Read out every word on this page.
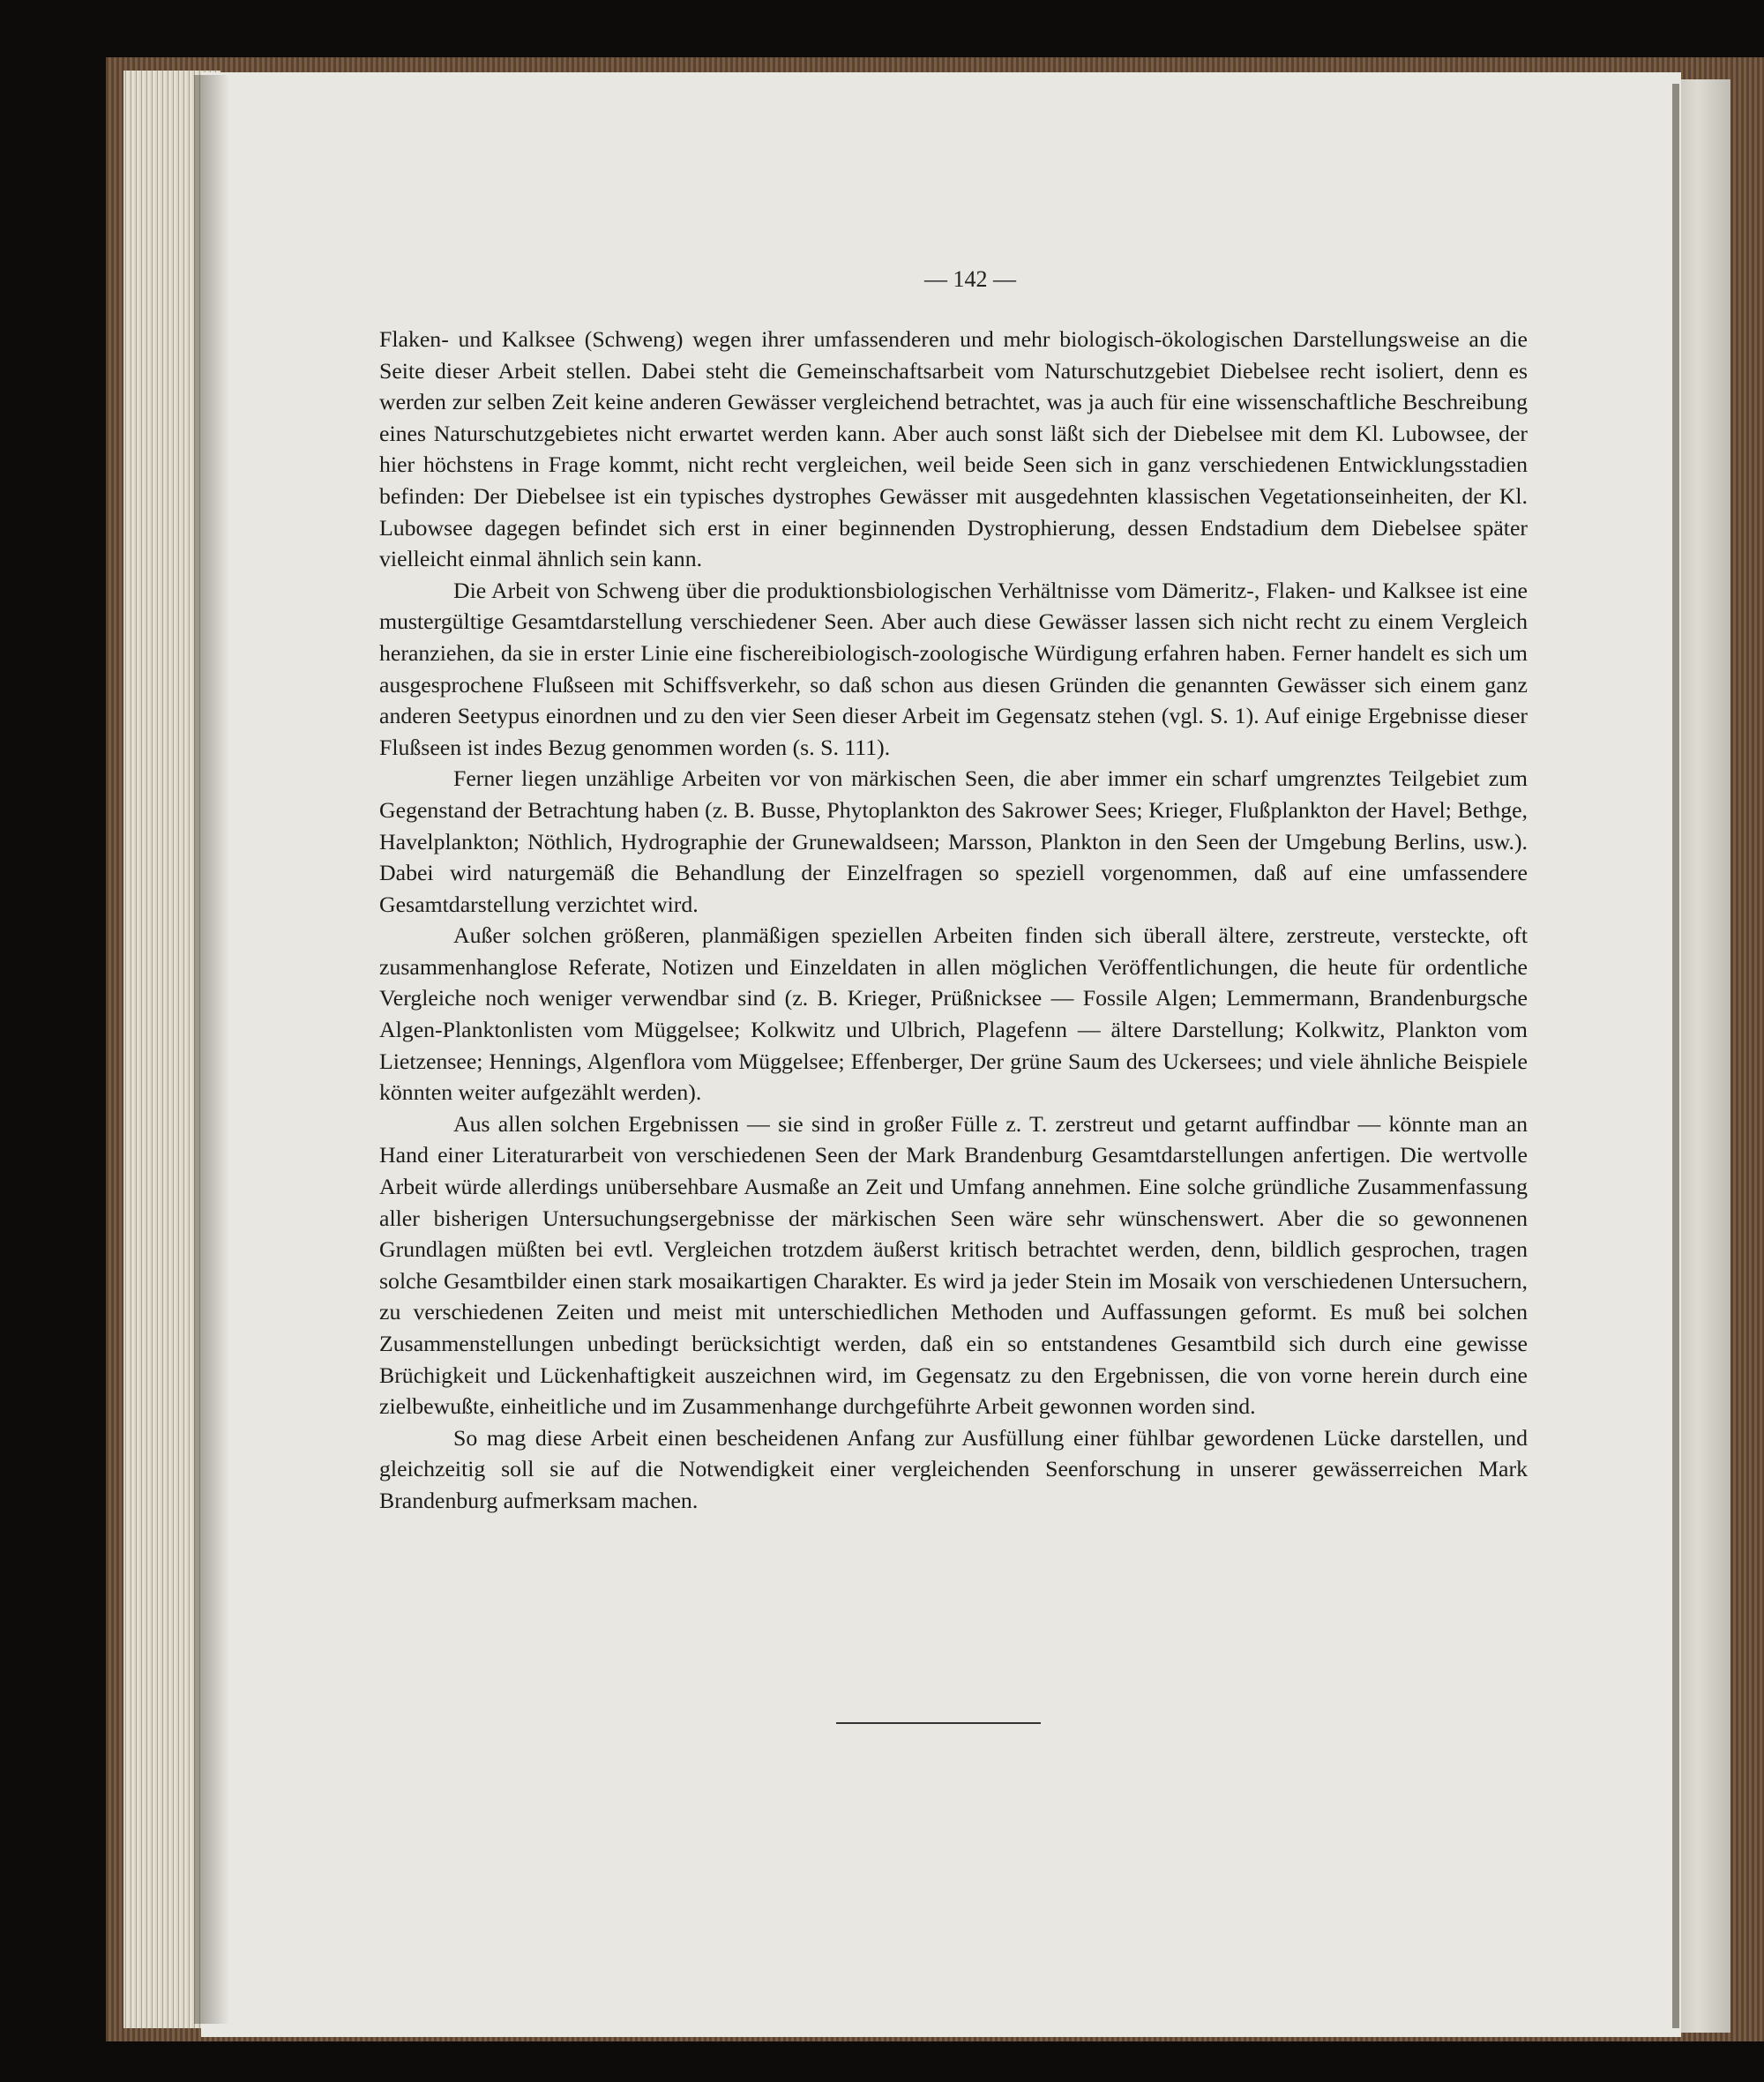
— 142 —

Flaken- und Kalksee (Schweng) wegen ihrer umfassenderen und mehr biologisch-ökologischen Darstellungsweise an die Seite dieser Arbeit stellen. Dabei steht die Gemeinschaftsarbeit vom Naturschutzgebiet Diebelsee recht isoliert, denn es werden zur selben Zeit keine anderen Gewässer vergleichend betrachtet, was ja auch für eine wissenschaftliche Beschreibung eines Naturschutzgebietes nicht erwartet werden kann. Aber auch sonst läßt sich der Diebelsee mit dem Kl. Lubowsee, der hier höchstens in Frage kommt, nicht recht vergleichen, weil beide Seen sich in ganz verschiedenen Entwicklungsstadien befinden: Der Diebelsee ist ein typisches dystrophes Gewässer mit ausgedehnten klassischen Vegetationseinheiten, der Kl. Lubowsee dagegen befindet sich erst in einer beginnenden Dystrophierung, dessen Endstadium dem Diebelsee später vielleicht einmal ähnlich sein kann.

Die Arbeit von Schweng über die produktionsbiologischen Verhältnisse vom Dämeritz-, Flaken- und Kalksee ist eine mustergültige Gesamtdarstellung verschiedener Seen. Aber auch diese Gewässer lassen sich nicht recht zu einem Vergleich heranziehen, da sie in erster Linie eine fischereibiologisch-zoologische Würdigung erfahren haben. Ferner handelt es sich um ausgesprochene Flußseen mit Schiffsverkehr, so daß schon aus diesen Gründen die genannten Gewässer sich einem ganz anderen Seetypus einordnen und zu den vier Seen dieser Arbeit im Gegensatz stehen (vgl. S. 1). Auf einige Ergebnisse dieser Flußseen ist indes Bezug genommen worden (s. S. 111).

Ferner liegen unzählige Arbeiten vor von märkischen Seen, die aber immer ein scharf umgrenztes Teilgebiet zum Gegenstand der Betrachtung haben (z. B. Busse, Phytoplankton des Sakrower Sees; Krieger, Flußplankton der Havel; Bethge, Havelplankton; Nöthlich, Hydrographie der Grunewaldseen; Marsson, Plankton in den Seen der Umgebung Berlins, usw.). Dabei wird naturgemäß die Behandlung der Einzelfragen so speziell vorgenommen, daß auf eine umfassendere Gesamtdarstellung verzichtet wird.

Außer solchen größeren, planmäßigen speziellen Arbeiten finden sich überall ältere, zerstreute, versteckte, oft zusammenhanglose Referate, Notizen und Einzeldaten in allen möglichen Veröffentlichungen, die heute für ordentliche Vergleiche noch weniger verwendbar sind (z. B. Krieger, Prüßnicksee — Fossile Algen; Lemmermann, Brandenburgsche Algen-Planktonlisten vom Müggelsee; Kolkwitz und Ulbrich, Plagefenn — ältere Darstellung; Kolkwitz, Plankton vom Lietzensee; Hennings, Algenflora vom Müggelsee; Effenberger, Der grüne Saum des Uckersees; und viele ähnliche Beispiele könnten weiter aufgezählt werden).

Aus allen solchen Ergebnissen — sie sind in großer Fülle z. T. zerstreut und getarnt auffindbar — könnte man an Hand einer Literaturarbeit von verschiedenen Seen der Mark Brandenburg Gesamtdarstellungen anfertigen. Die wertvolle Arbeit würde allerdings unübersehbare Ausmaße an Zeit und Umfang annehmen. Eine solche gründliche Zusammenfassung aller bisherigen Untersuchungsergebnisse der märkischen Seen wäre sehr wünschenswert. Aber die so gewonnenen Grundlagen müßten bei evtl. Vergleichen trotzdem äußerst kritisch betrachtet werden, denn, bildlich gesprochen, tragen solche Gesamtbilder einen stark mosaikartigen Charakter. Es wird ja jeder Stein im Mosaik von verschiedenen Untersuchern, zu verschiedenen Zeiten und meist mit unterschiedlichen Methoden und Auffassungen geformt. Es muß bei solchen Zusammenstellungen unbedingt berücksichtigt werden, daß ein so entstandenes Gesamtbild sich durch eine gewisse Brüchigkeit und Lückenhaftigkeit auszeichnen wird, im Gegensatz zu den Ergebnissen, die von vorne herein durch eine zielbewußte, einheitliche und im Zusammenhange durchgeführte Arbeit gewonnen worden sind.

So mag diese Arbeit einen bescheidenen Anfang zur Ausfüllung einer fühlbar gewordenen Lücke darstellen, und gleichzeitig soll sie auf die Notwendigkeit einer vergleichenden Seenforschung in unserer gewässerreichen Mark Brandenburg aufmerksam machen.
